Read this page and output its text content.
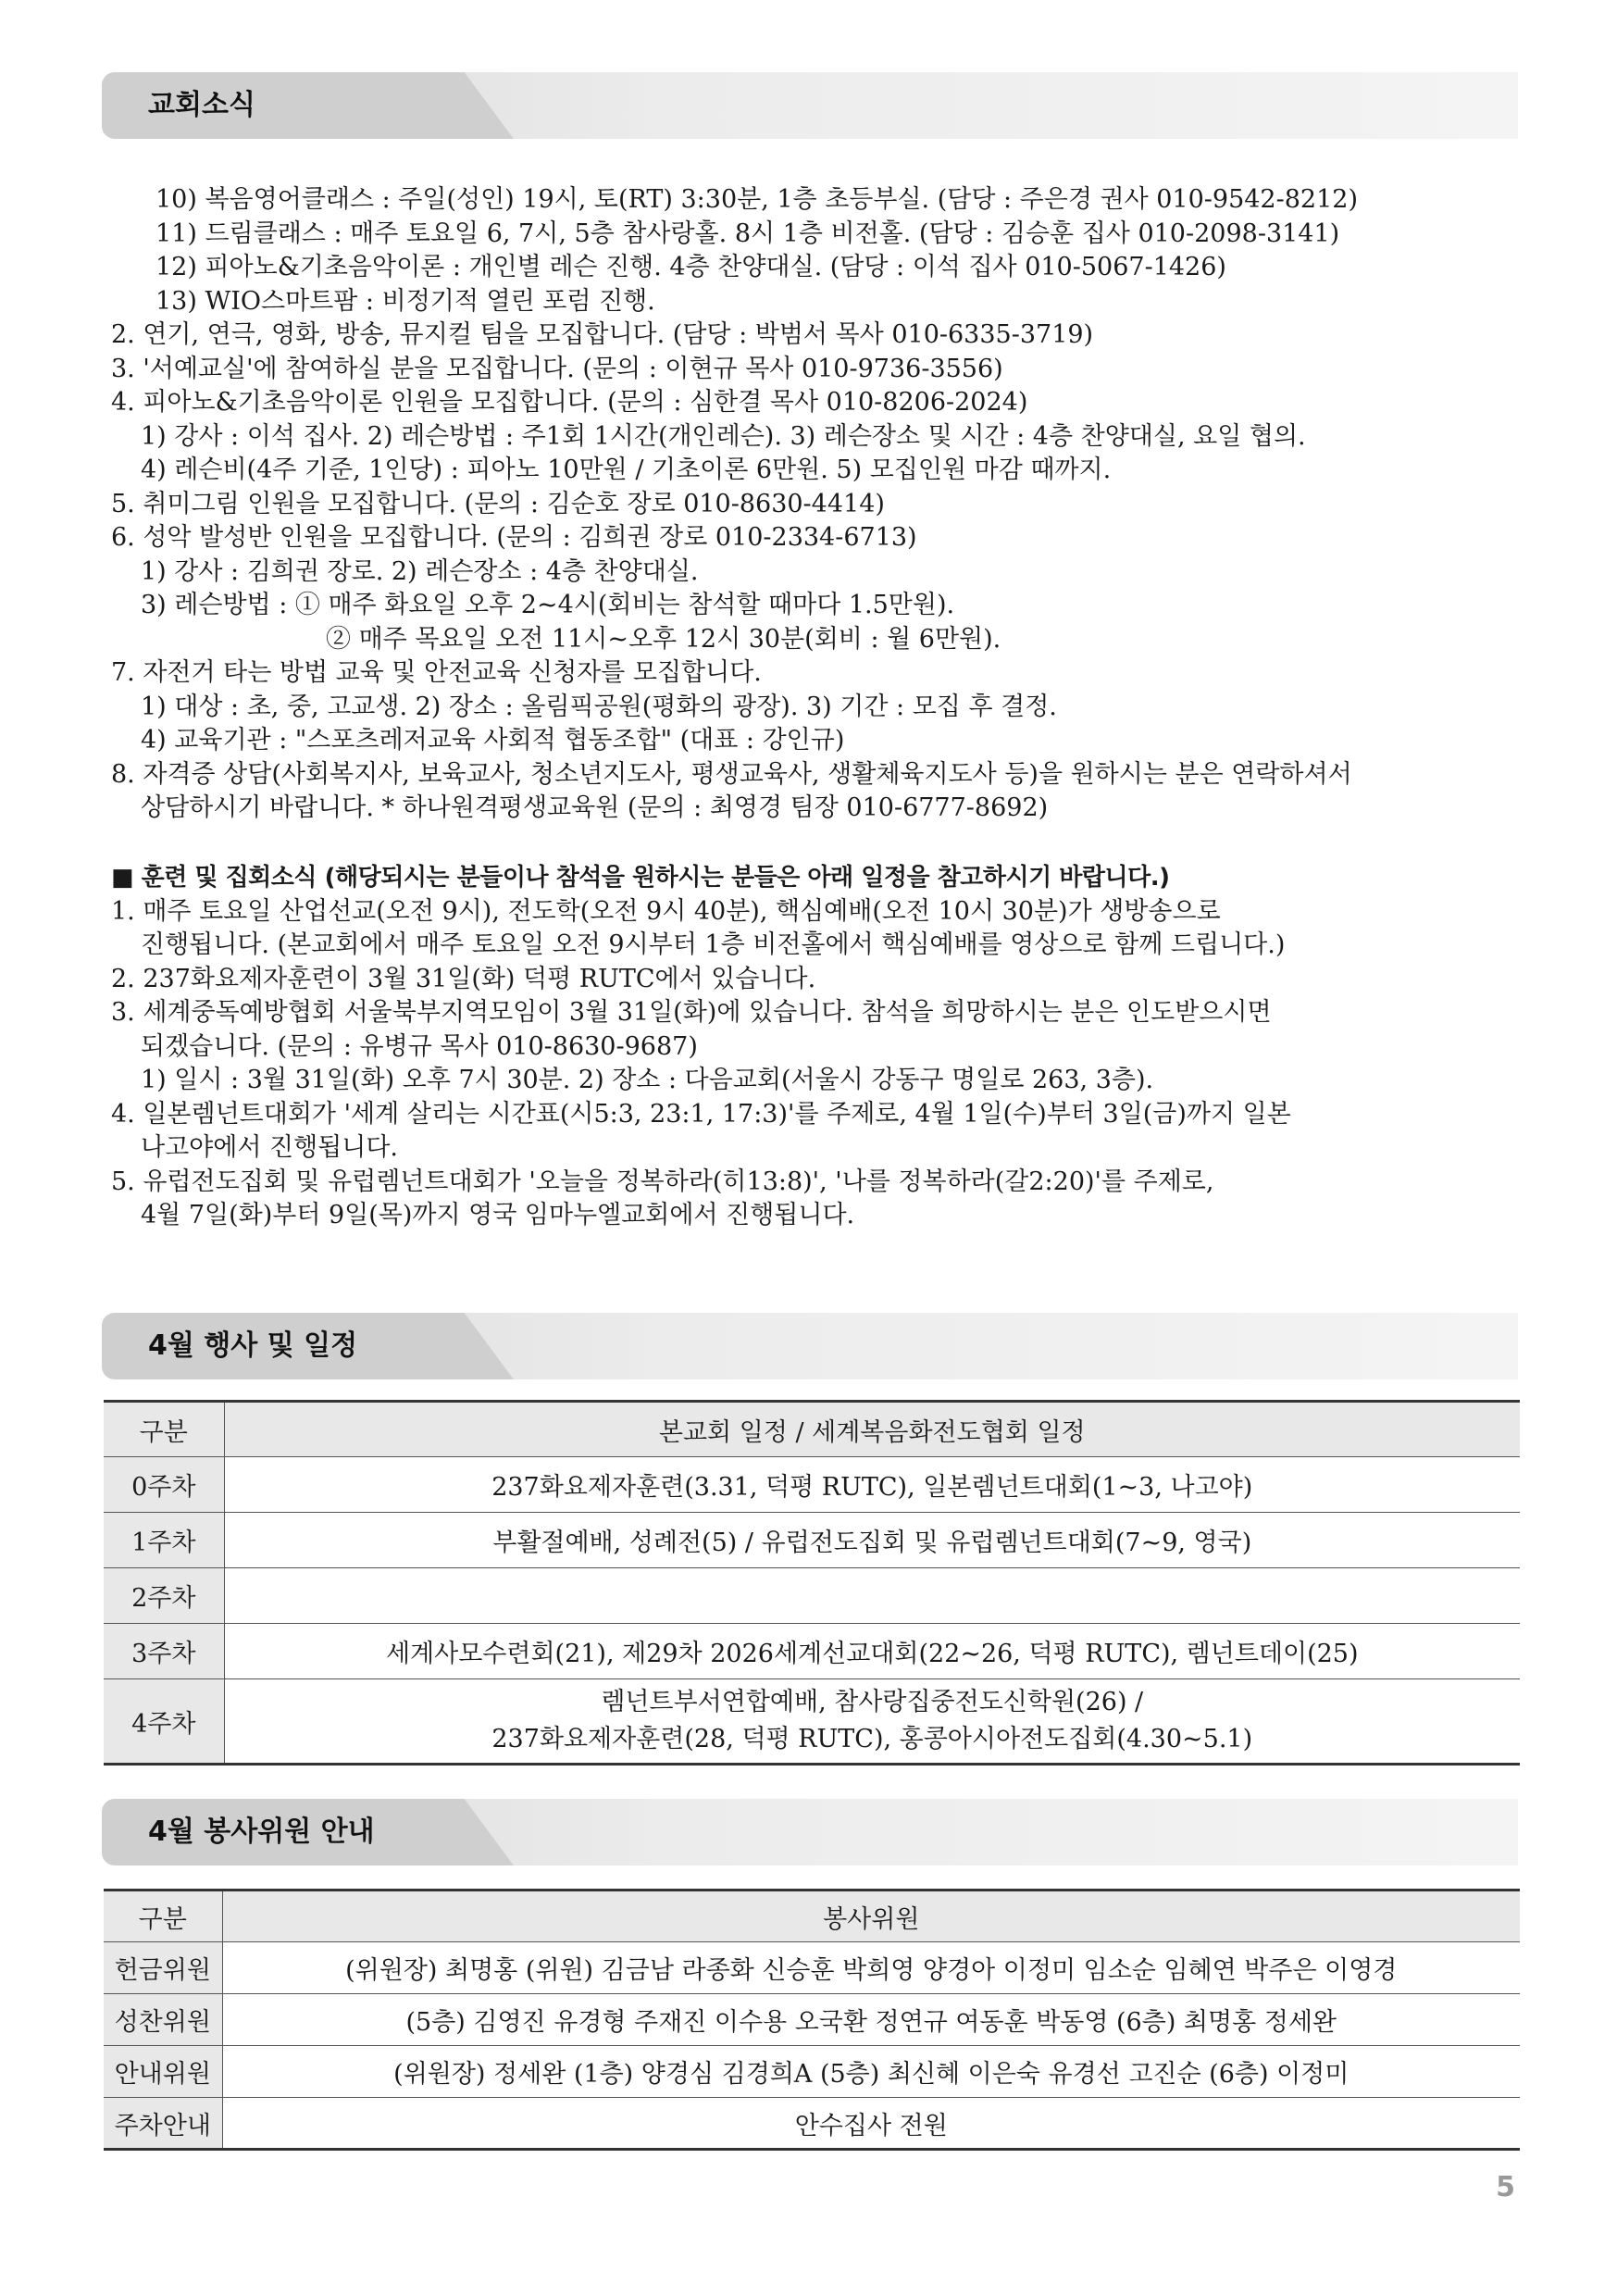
교회소식

10) 복음영어클래스 : 주일(성인) 19시, 토(RT) 3:30분, 1층 초등부실. (담당 : 주은경 권사 010-9542-8212)

11) 드림클래스 : 매주 토요일 6, 7시, 5층 참사랑홀. 8시 1층 비전홀. (담당 : 김승훈 집사 010-2098-3141)

12) 피아노&기초음악이론 : 개인별 레슨 진행. 4층 찬양대실. (담당 : 이석 집사 010-5067-1426)

13) WIO스마트팜 : 비정기적 열린 포럼 진행.

2. 연기, 연극, 영화, 방송, 뮤지컬 팀을 모집합니다. (담당 : 박범서 목사 010-6335-3719)

3. '서예교실'에 참여하실 분을 모집합니다. (문의 : 이현규 목사 010-9736-3556)

4. 피아노&기초음악이론 인원을 모집합니다. (문의 : 심한결 목사 010-8206-2024)

1) 강사 : 이석 집사. 2) 레슨방법 : 주1회 1시간(개인레슨). 3) 레슨장소 및 시간 : 4층 찬양대실, 요일 협의.

4) 레슨비(4주 기준, 1인당) : 피아노 10만원 / 기초이론 6만원. 5) 모집인원 마감 때까지.

5. 취미그림 인원을 모집합니다. (문의 : 김순호 장로 010-8630-4414)

6. 성악 발성반 인원을 모집합니다. (문의 : 김희권 장로 010-2334-6713)

1) 강사 : 김희권 장로. 2) 레슨장소 : 4층 찬양대실.

3) 레슨방법 : ① 매주 화요일 오후 2~4시(회비는 참석할 때마다 1.5만원).

② 매주 목요일 오전 11시~오후 12시 30분(회비 : 월 6만원).

7. 자전거 타는 방법 교육 및 안전교육 신청자를 모집합니다.

1) 대상 : 초, 중, 고교생. 2) 장소 : 올림픽공원(평화의 광장). 3) 기간 : 모집 후 결정.

4) 교육기관 : "스포츠레저교육 사회적 협동조합" (대표 : 강인규)

8. 자격증 상담(사회복지사, 보육교사, 청소년지도사, 평생교육사, 생활체육지도사 등)을 원하시는 분은 연락하셔서

상담하시기 바랍니다. * 하나원격평생교육원 (문의 : 최영경 팀장 010-6777-8692)

■ 훈련 및 집회소식 (해당되시는 분들이나 참석을 원하시는 분들은 아래 일정을 참고하시기 바랍니다.)

1. 매주 토요일 산업선교(오전 9시), 전도학(오전 9시 40분), 핵심예배(오전 10시 30분)가 생방송으로

진행됩니다. (본교회에서 매주 토요일 오전 9시부터 1층 비전홀에서 핵심예배를 영상으로 함께 드립니다.)

2. 237화요제자훈련이 3월 31일(화) 덕평 RUTC에서 있습니다.

3. 세계중독예방협회 서울북부지역모임이 3월 31일(화)에 있습니다. 참석을 희망하시는 분은 인도받으시면

되겠습니다. (문의 : 유병규 목사 010-8630-9687)

1) 일시 : 3월 31일(화) 오후 7시 30분. 2) 장소 : 다음교회(서울시 강동구 명일로 263, 3층).

4. 일본렘넌트대회가 '세계 살리는 시간표(시5:3, 23:1, 17:3)'를 주제로, 4월 1일(수)부터 3일(금)까지 일본

나고야에서 진행됩니다.

5. 유럽전도집회 및 유럽렘넌트대회가 '오늘을 정복하라(히13:8)', '나를 정복하라(갈2:20)'를 주제로,

4월 7일(화)부터 9일(목)까지 영국 임마누엘교회에서 진행됩니다.

4월 행사 및 일정
구분	본교회 일정 / 세계복음화전도협회 일정
0주차	237화요제자훈련(3.31, 덕평 RUTC), 일본렘넌트대회(1~3, 나고야)
1주차	부활절예배, 성례전(5) / 유럽전도집회 및 유럽렘넌트대회(7~9, 영국)
2주차	
3주차	세계사모수련회(21), 제29차 2026세계선교대회(22~26, 덕평 RUTC), 렘넌트데이(25)
4주차	렘넌트부서연합예배, 참사랑집중전도신학원(26) /
237화요제자훈련(28, 덕평 RUTC), 홍콩아시아전도집회(4.30~5.1)
4월 봉사위원 안내
구분	봉사위원
헌금위원	(위원장) 최명홍 (위원) 김금남 라종화 신승훈 박희영 양경아 이정미 임소순 임혜연 박주은 이영경
성찬위원	(5층) 김영진 유경형 주재진 이수용 오국환 정연규 여동훈 박동영 (6층) 최명홍 정세완
안내위원	(위원장) 정세완 (1층) 양경심 김경희A (5층) 최신혜 이은숙 유경선 고진순 (6층) 이정미
주차안내	안수집사 전원
5
